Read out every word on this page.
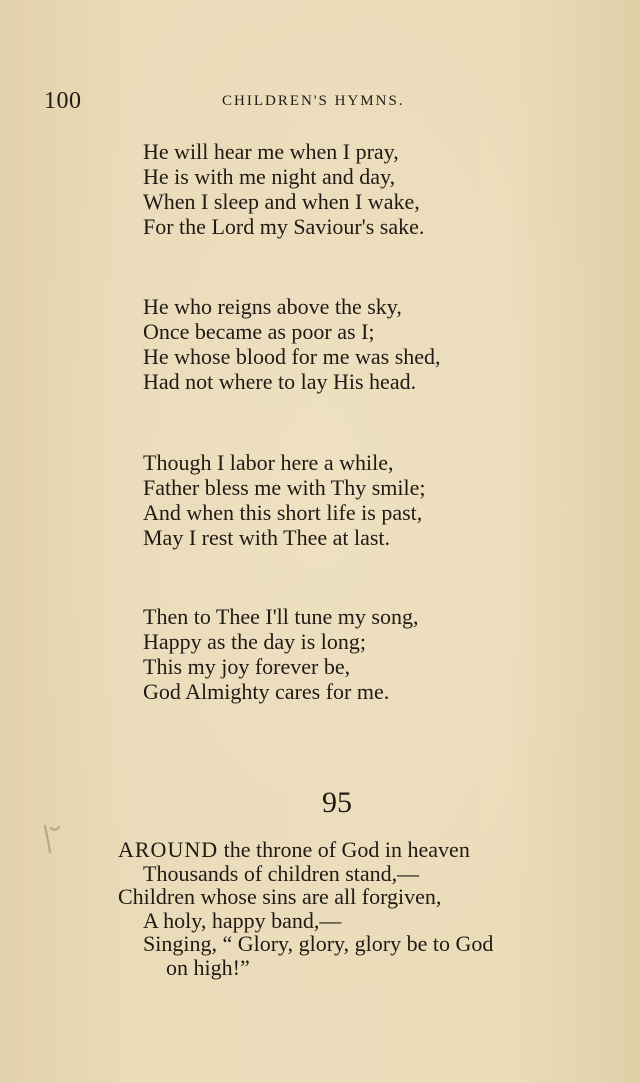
100	CHILDREN'S HYMNS.
He will hear me when I pray,
He is with me night and day,
When I sleep and when I wake,
For the Lord my Saviour's sake.
He who reigns above the sky,
Once became as poor as I;
He whose blood for me was shed,
Had not where to lay His head.
Though I labor here a while,
Father bless me with Thy smile;
And when this short life is past,
May I rest with Thee at last.
Then to Thee I'll tune my song,
Happy as the day is long;
This my joy forever be,
God Almighty cares for me.
95
AROUND the throne of God in heaven
Thousands of children stand,—
Children whose sins are all forgiven,
A holy, happy band,—
Singing, “ Glory, glory, glory be to God
on high!”
